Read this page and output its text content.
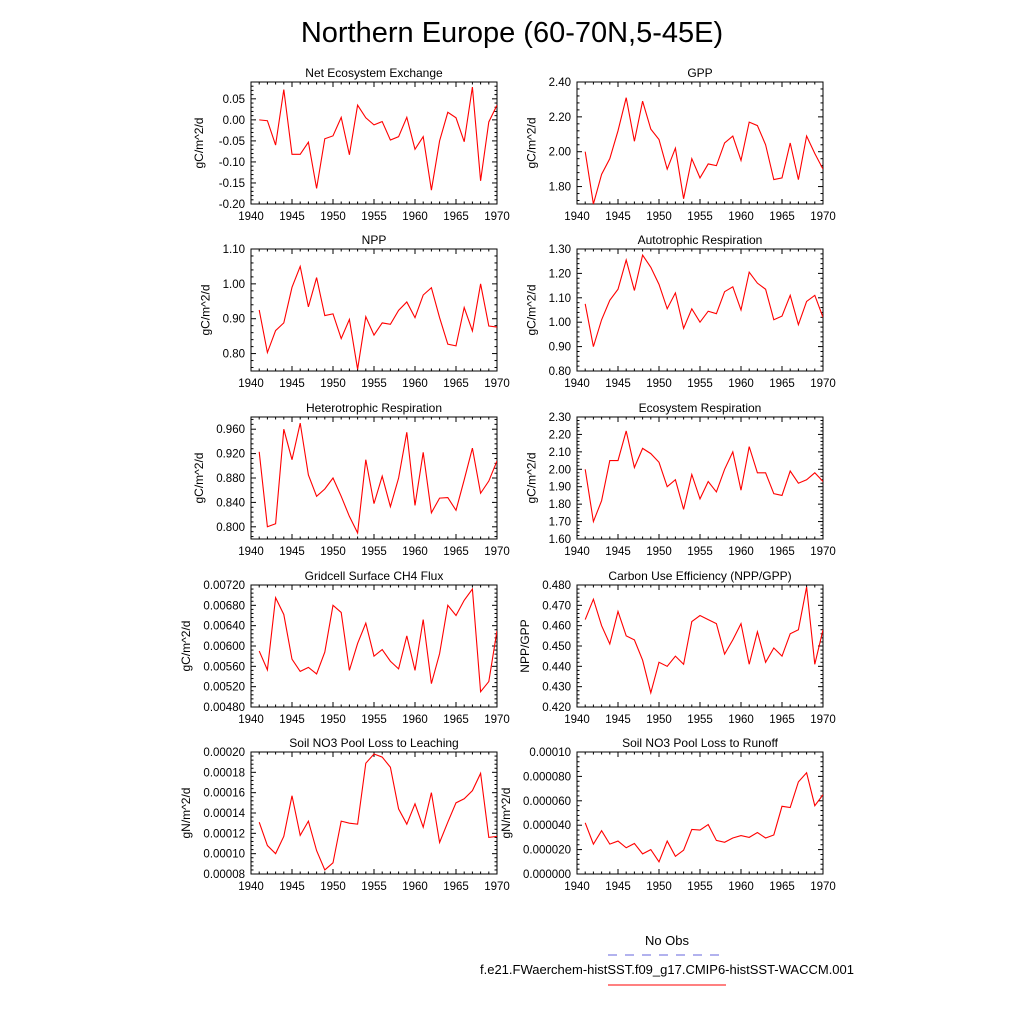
Northern Europe (60-70N,5-45E)
Net Ecosystem Exchange
1940 1945 1950 1955 1960 1965 1970
0.05
0.00
-0.05
-0.10
-0.15
-0.20
gC/m^2/d
GPP
1940 1945 1950 1955 1960 1965 1970
2.40
2.20
2.00
1.80
gC/m^2/d
NPP
1940 1945 1950 1955 1960 1965 1970
1.10
1.00
0.90
0.80
gC/m^2/d
Autotrophic Respiration
1940 1945 1950 1955 1960 1965 1970
1.30
1.20
1.10
1.00
0.90
0.80
gC/m^2/d
Heterotrophic Respiration
1940 1945 1950 1955 1960 1965 1970
0.960
0.920
0.880
0.840
0.800
gC/m^2/d
Ecosystem Respiration
1940 1945 1950 1955 1960 1965 1970
2.30
2.20
2.10
2.00
1.90
1.80
1.70
1.60
gC/m^2/d
Gridcell Surface CH4 Flux
1940 1945 1950 1955 1960 1965 1970
0.00720
0.00680
0.00640
0.00600
0.00560
0.00520
0.00480
gC/m^2/d
Carbon Use Efficiency (NPP/GPP)
1940 1945 1950 1955 1960 1965 1970
0.480
0.470
0.460
0.450
0.440
0.430
0.420
NPP/GPP
Soil NO3 Pool Loss to Leaching
1940 1945 1950 1955 1960 1965 1970
0.00020
0.00018
0.00016
0.00014
0.00012
0.00010
0.00008
gN/m^2/d
Soil NO3 Pool Loss to Runoff
1940 1945 1950 1955 1960 1965 1970
0.00010
0.000080
0.000060
0.000040
0.000020
0.000000
gN/m^2/d
No Obs
f.e21.FWaerchem-histSST.f09_g17.CMIP6-histSST-WACCM.001
